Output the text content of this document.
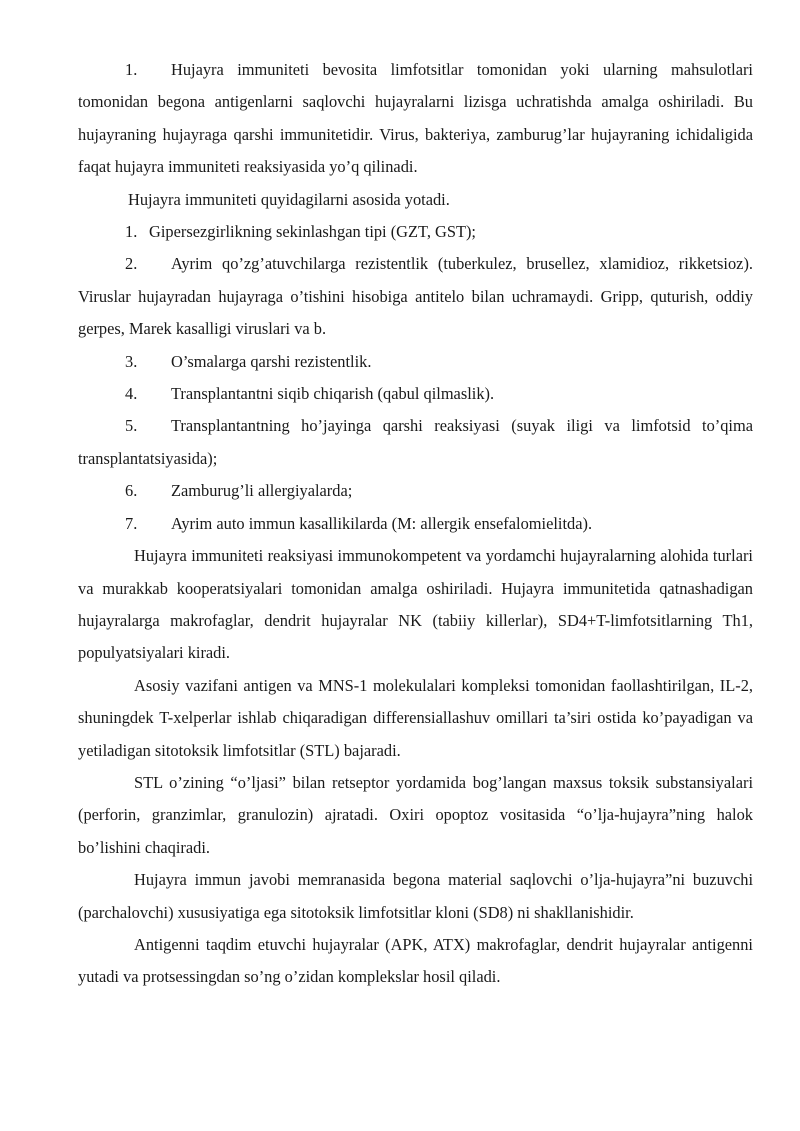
1. Hujayra immuniteti bevosita limfotsitlar tomonidan yoki ularning mahsulotlari tomonidan begona antigenlarni saqlovchi hujayralarni lizisga uchratishda amalga oshiriladi. Bu hujayraning hujayraga qarshi immunitetidir. Virus, bakteriya, zamburug’lar hujayraning ichidaligida faqat hujayra immuniteti reaksiyasida yo’q qilinadi.

Hujayra immuniteti quyidagilarni asosida yotadi.

1. Gipersezgirlikning sekinlashgan tipi (GZT, GST);

2. Ayrim qo’zg’atuvchilarga rezistentlik (tuberkulez, brusellez, xlamidioz, rikketsioz). Viruslar hujayradan hujayraga o’tishini hisobiga antitelo bilan uchramaydi. Gripp, quturish, oddiy gerpes, Marek kasalligi viruslari va b.

3. O’smalarga qarshi rezistentlik.

4. Transplantantni siqib chiqarish (qabul qilmaslik).

5. Transplantantning ho’jayinga qarshi reaksiyasi (suyak iligi va limfotsid to’qima transplantatsiyasida);

6. Zamburug’li allergiyalarda;

7. Ayrim auto immun kasallikilarda (M: allergik ensefalomielitda).

Hujayra immuniteti reaksiyasi immunokompetent va yordamchi hujayralarning alohida turlari va murakkab kooperatsiyalari tomonidan amalga oshiriladi. Hujayra immunitetida qatnashadigan hujayralarga makrofaglar, dendrit hujayralar NK (tabiiy killerlar), SD4+T-limfotsitlarning Th1, populyatsiyalari kiradi.

Asosiy vazifani antigen va MNS-1 molekulalari kompleksi tomonidan faollashtirilgan, IL-2, shuningdek T-xelperlar ishlab chiqaradigan differensiallashuv omillari ta’siri ostida ko’payadigan va yetiladigan sitotoksik limfotsitlar (STL) bajaradi.

STL o’zining “o’ljasi” bilan retseptor yordamida bog’langan maxsus toksik substansiyalari (perforin, granzimlar, granulozin) ajratadi. Oxiri opoptoz vositasida “o’lja-hujayra”ning halok bo’lishini chaqiradi.

Hujayra immun javobi memranasida begona material saqlovchi o’lja-hujayra”ni buzuvchi (parchalovchi) xususiyatiga ega sitotoksik limfotsitlar kloni (SD8) ni shakllanishidir.

Antigenni taqdim etuvchi hujayralar (APK, ATX) makrofaglar, dendrit hujayralar antigenni yutadi va protsessingdan so’ng o’zidan komplekslar hosil qiladi.
